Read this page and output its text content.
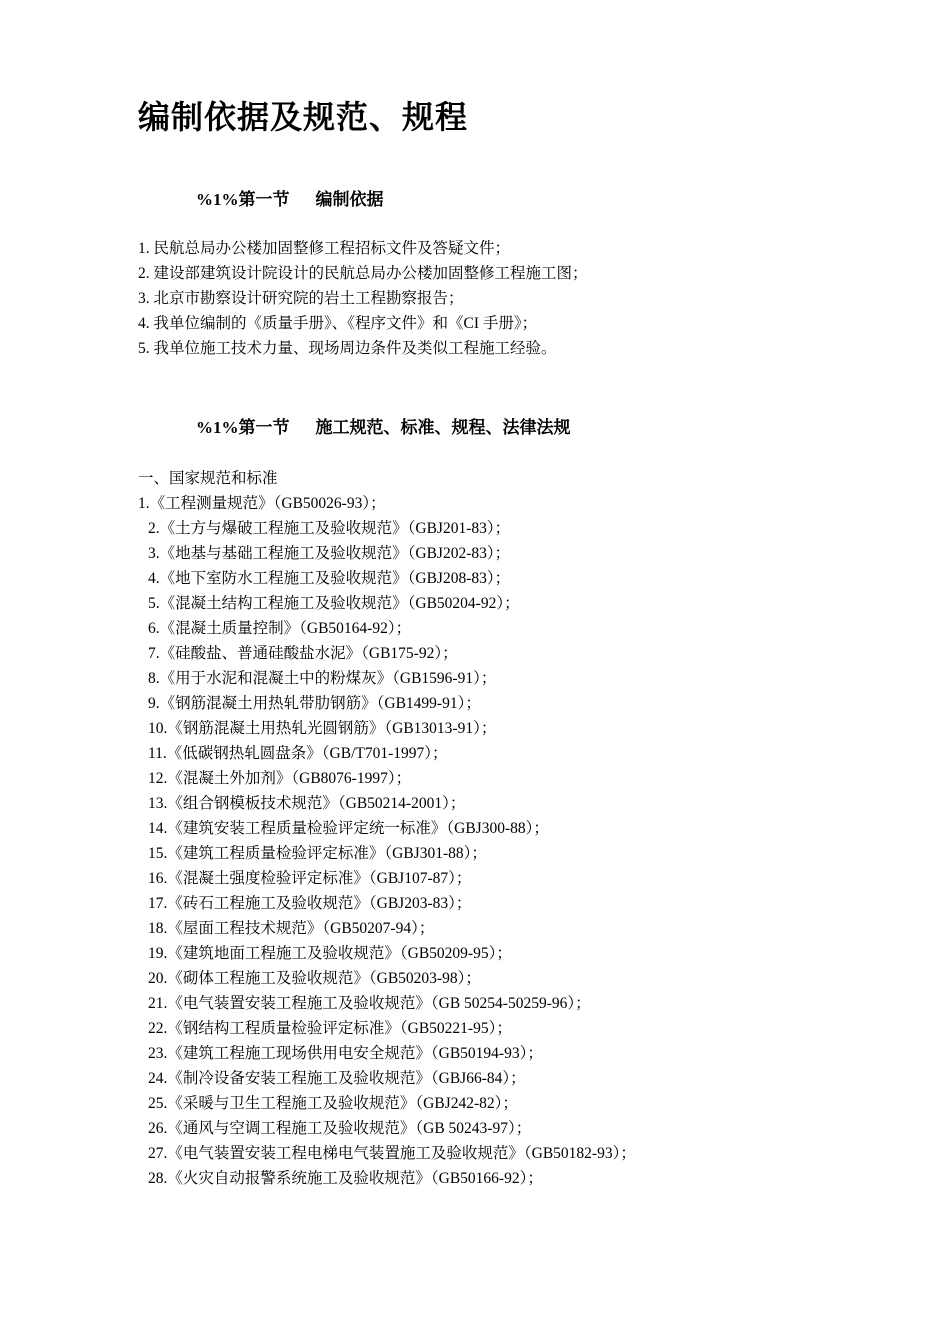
编制依据及规范、规程
%1%第一节 编制依据
1. 民航总局办公楼加固整修工程招标文件及答疑文件；
2. 建设部建筑设计院设计的民航总局办公楼加固整修工程施工图；
3. 北京市勘察设计研究院的岩土工程勘察报告；
4. 我单位编制的《质量手册》、《程序文件》和《CI 手册》；
5. 我单位施工技术力量、现场周边条件及类似工程施工经验。
%1%第一节 施工规范、标准、规程、法律法规
一、国家规范和标准
1.《工程测量规范》（GB50026-93）；
2.《土方与爆破工程施工及验收规范》（GBJ201-83）；
3.《地基与基础工程施工及验收规范》（GBJ202-83）；
4.《地下室防水工程施工及验收规范》（GBJ208-83）；
5.《混凝土结构工程施工及验收规范》（GB50204-92）；
6.《混凝土质量控制》（GB50164-92）；
7.《硅酸盐、普通硅酸盐水泥》（GB175-92）；
8.《用于水泥和混凝土中的粉煤灰》（GB1596-91）；
9.《钢筋混凝土用热轧带肋钢筋》（GB1499-91）；
10.《钢筋混凝土用热轧光圆钢筋》（GB13013-91）；
11.《低碳钢热轧圆盘条》（GB/T701-1997）；
12.《混凝土外加剂》（GB8076-1997）；
13.《组合钢模板技术规范》（GB50214-2001）；
14.《建筑安装工程质量检验评定统一标准》（GBJ300-88）；
15.《建筑工程质量检验评定标准》（GBJ301-88）；
16.《混凝土强度检验评定标准》（GBJ107-87）；
17.《砖石工程施工及验收规范》（GBJ203-83）；
18.《屋面工程技术规范》（GB50207-94）；
19.《建筑地面工程施工及验收规范》（GB50209-95）；
20.《砌体工程施工及验收规范》（GB50203-98）；
21.《电气装置安装工程施工及验收规范》（GB 50254-50259-96）；
22.《钢结构工程质量检验评定标准》（GB50221-95）；
23.《建筑工程施工现场供用电安全规范》（GB50194-93）；
24.《制冷设备安装工程施工及验收规范》（GBJ66-84）；
25.《采暖与卫生工程施工及验收规范》（GBJ242-82）；
26.《通风与空调工程施工及验收规范》（GB 50243-97）；
27.《电气装置安装工程电梯电气装置施工及验收规范》（GB50182-93）；
28.《火灾自动报警系统施工及验收规范》（GB50166-92）；
